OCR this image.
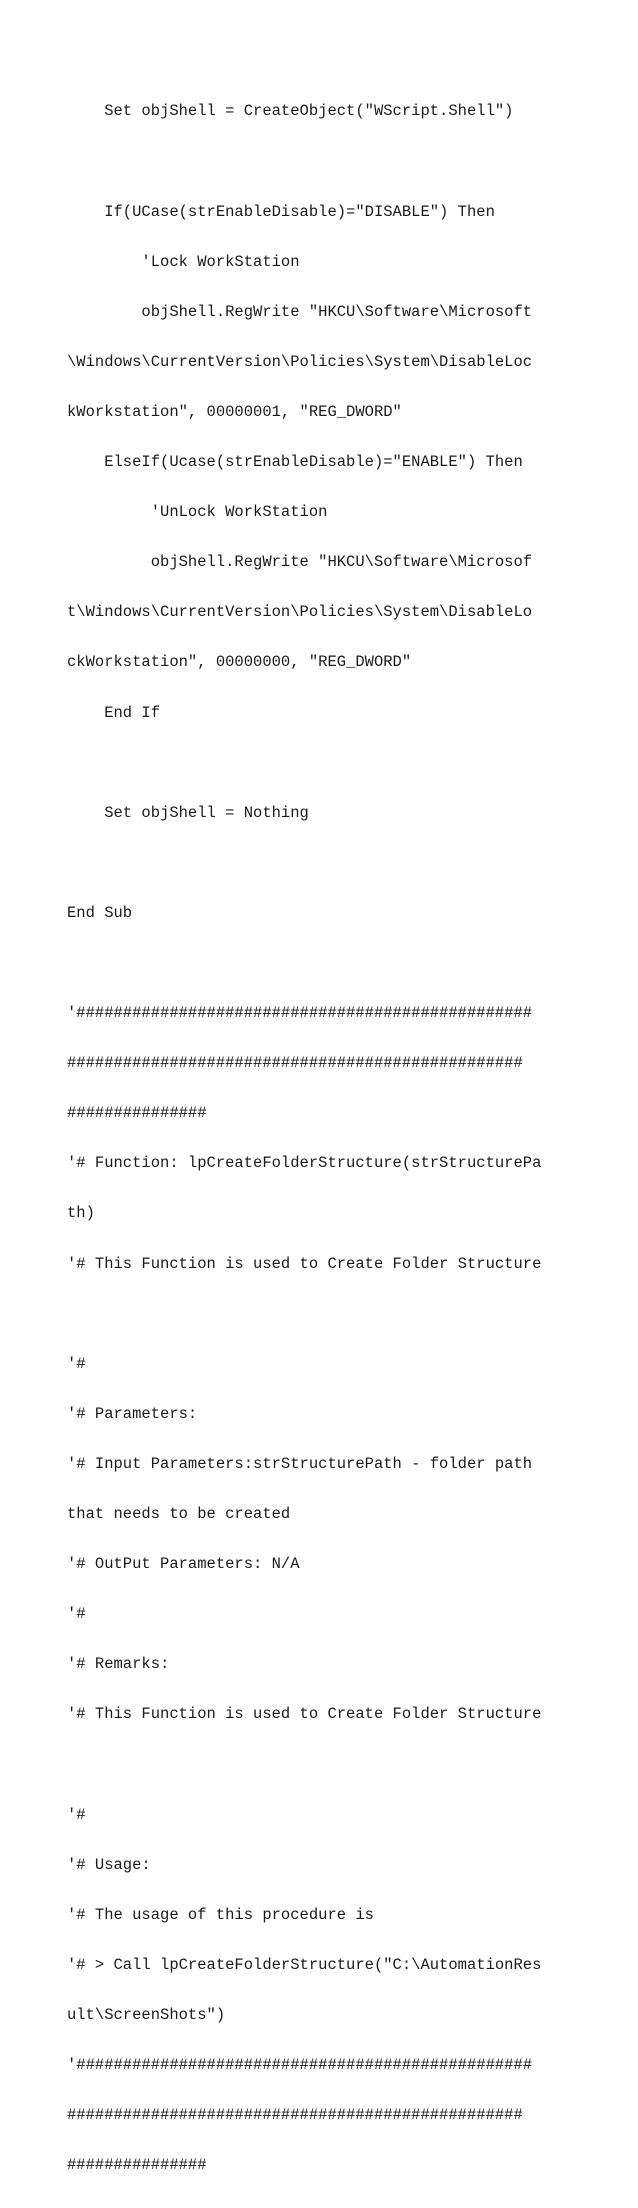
Set objShell = CreateObject("WScript.Shell")

If(UCase(strEnableDisable)="DISABLE") Then

'Lock WorkStation

objShell.RegWrite "HKCU\Software\Microsoft

\Windows\CurrentVersion\Policies\System\DisableLoc

kWorkstation", 00000001, "REG_DWORD"

ElseIf(Ucase(strEnableDisable)="ENABLE") Then

'UnLock WorkStation

objShell.RegWrite "HKCU\Software\Microsof

t\Windows\CurrentVersion\Policies\System\DisableLo

ckWorkstation", 00000000, "REG_DWORD"

End If

Set objShell = Nothing

End Sub

'#################################################

#################################################

###############

'# Function: lpCreateFolderStructure(strStructurePa

th)

'# This Function is used to Create Folder Structure

'#

'# Parameters:

'# Input Parameters:strStructurePath - folder path

that needs to be created

'# OutPut Parameters: N/A

'#

'# Remarks:

'# This Function is used to Create Folder Structure

'#

'# Usage:

'# The usage of this procedure is

'# > Call lpCreateFolderStructure("C:\AutomationRes

ult\ScreenShots")

'#################################################

#################################################

###############
